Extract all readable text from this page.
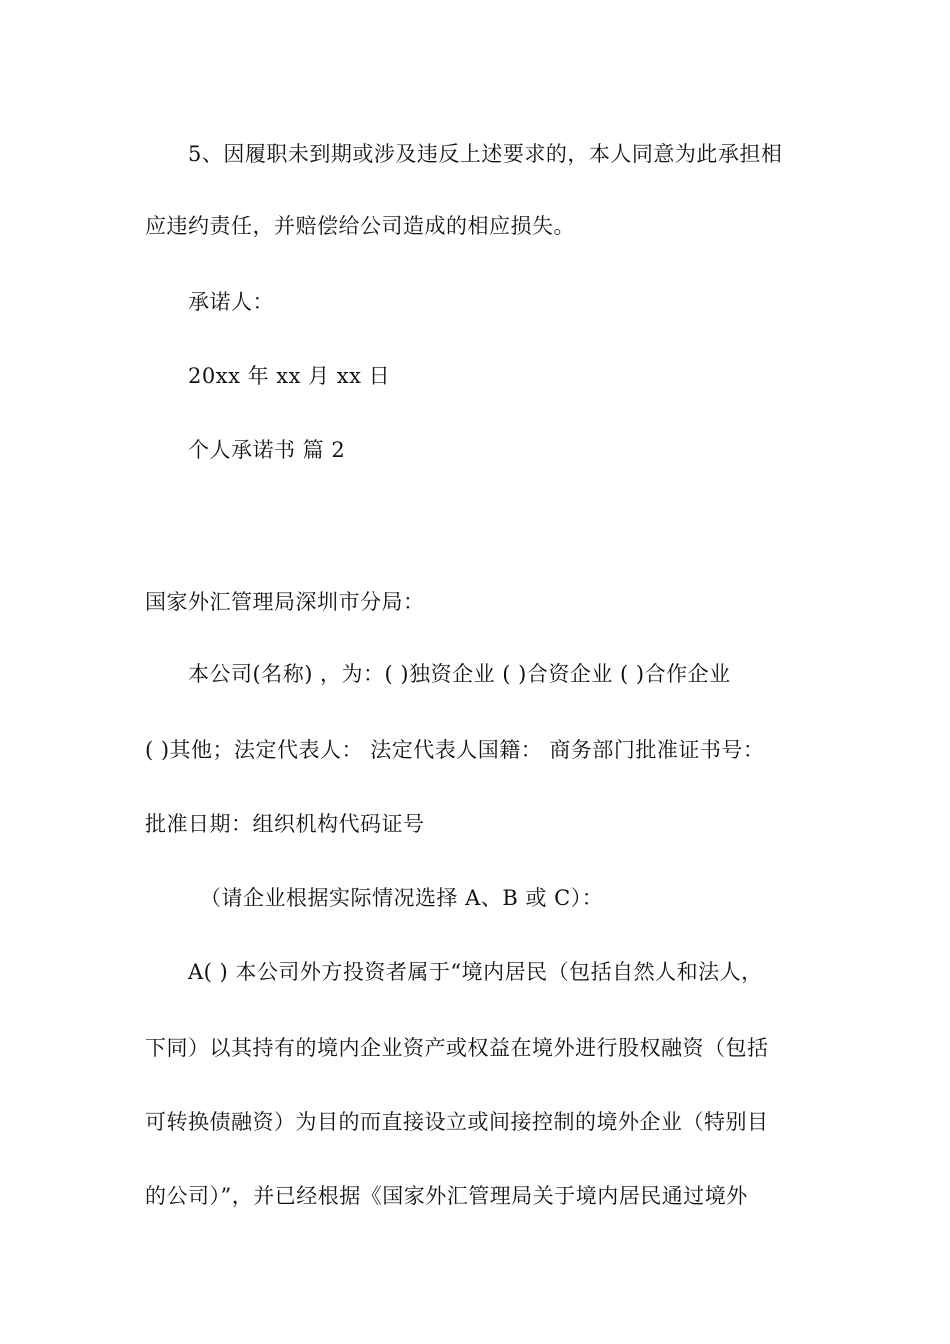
5、因履职未到期或涉及违反上述要求的，本人同意为此承担相
应违约责任，并赔偿给公司造成的相应损失。
承诺人：
20xx 年 xx 月 xx 日
个人承诺书 篇 2
国家外汇管理局深圳市分局：
本公司(名称) ，为：( )独资企业 ( )合资企业 ( )合作企业
( )其他；法定代表人： 法定代表人国籍： 商务部门批准证书号：
批准日期：组织机构代码证号
（请企业根据实际情况选择 A、B 或 C）：
A( ) 本公司外方投资者属于“境内居民（包括自然人和法人，
下同）以其持有的境内企业资产或权益在境外进行股权融资（包括
可转换债融资）为目的而直接设立或间接控制的境外企业（特别目
的公司）”，并已经根据《国家外汇管理局关于境内居民通过境外
